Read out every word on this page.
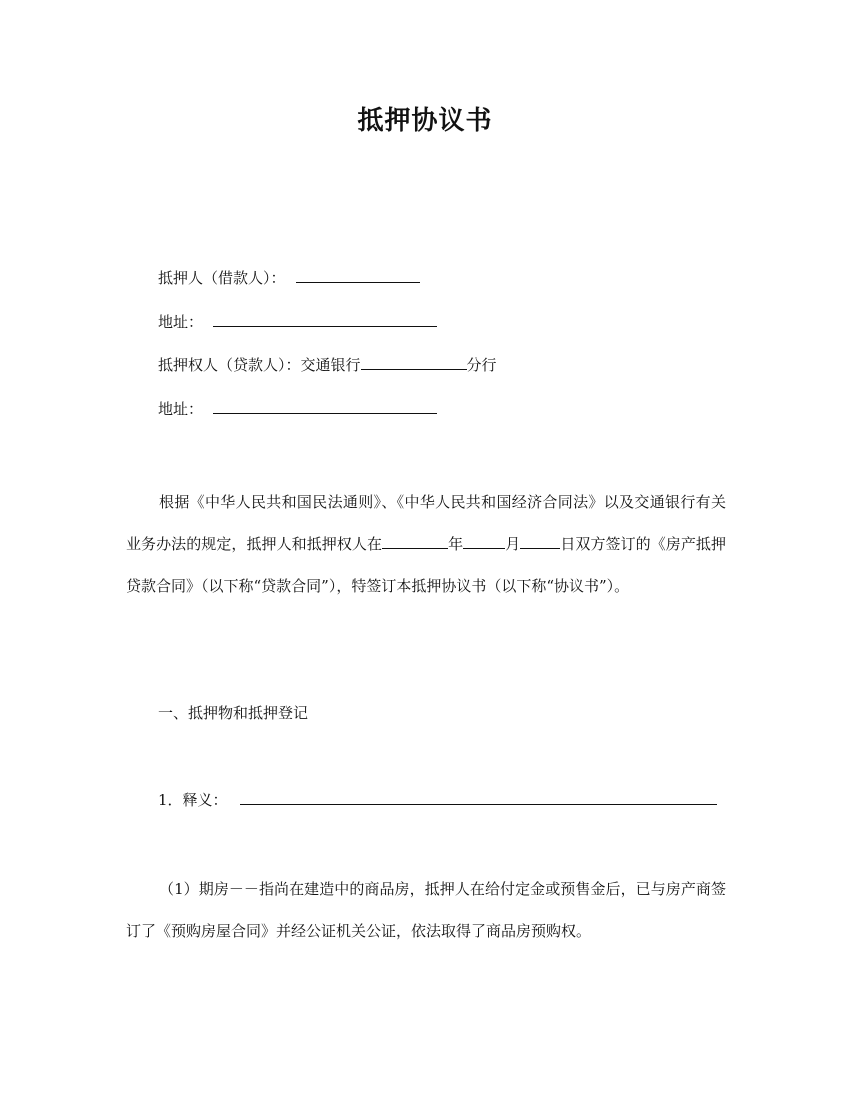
抵押协议书
抵押人（借款人）：
地址：
抵押权人（贷款人）：交通银行	分行
地址：
根据《中华人民共和国民法通则》、《中华人民共和国经济合同法》以及交通银行有关业务办法的规定，抵押人和抵押权人在	年	月	日双方签订的《房产抵押贷款合同》（以下称“贷款合同”），特签订本抵押协议书（以下称“协议书”）。
一、抵押物和抵押登记
1．释义：
（1）期房－－指尚在建造中的商品房，抵押人在给付定金或预售金后，已与房产商签订了《预购房屋合同》并经公证机关公证，依法取得了商品房预购权。
